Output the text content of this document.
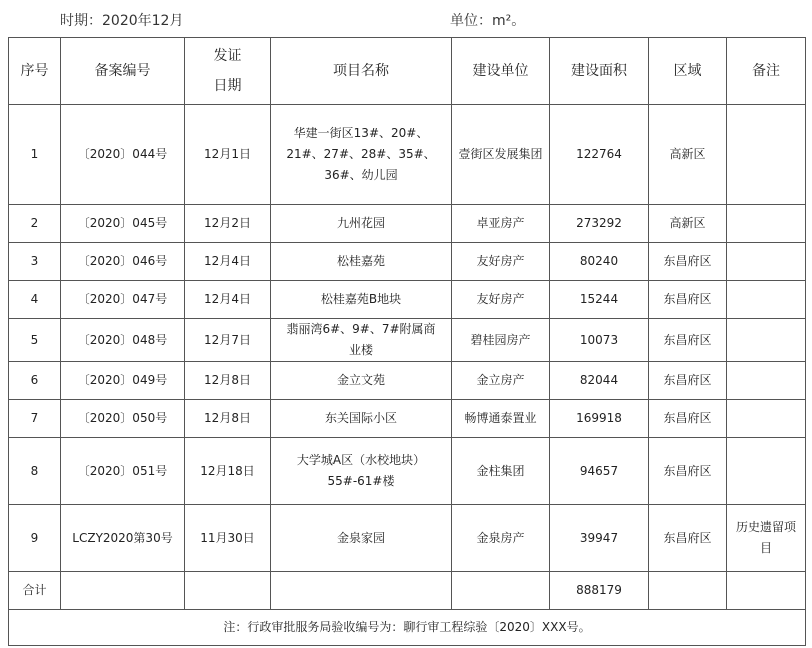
时期：2020年12月	单位：m²。
序号	备案编号	发证日期	项目名称	建设单位	建设面积	区域	备注
1	〔2020〕044号	12月1日	华建一街区13#、20#、21#、27#、28#、35#、36#、幼儿园	壹街区发展集团	122764	高新区	
2	〔2020〕045号	12月2日	九州花园	卓亚房产	273292	高新区	
3	〔2020〕046号	12月4日	松桂嘉苑	友好房产	80240	东昌府区	
4	〔2020〕047号	12月4日	松桂嘉苑B地块	友好房产	15244	东昌府区	
5	〔2020〕048号	12月7日	翡丽湾6#、9#、7#附属商业楼	碧桂园房产	10073	东昌府区	
6	〔2020〕049号	12月8日	金立文苑	金立房产	82044	东昌府区	
7	〔2020〕050号	12月8日	东关国际小区	畅博通泰置业	169918	东昌府区	
8	〔2020〕051号	12月18日	大学城A区（水校地块）55#-61#楼	金柱集团	94657	东昌府区	
9	LCZY2020第30号	11月30日	金泉家园	金泉房产	39947	东昌府区	历史遗留项目
合计					888179		
注：行政审批服务局验收编号为：聊行审工程综验〔2020〕XXX号。							
